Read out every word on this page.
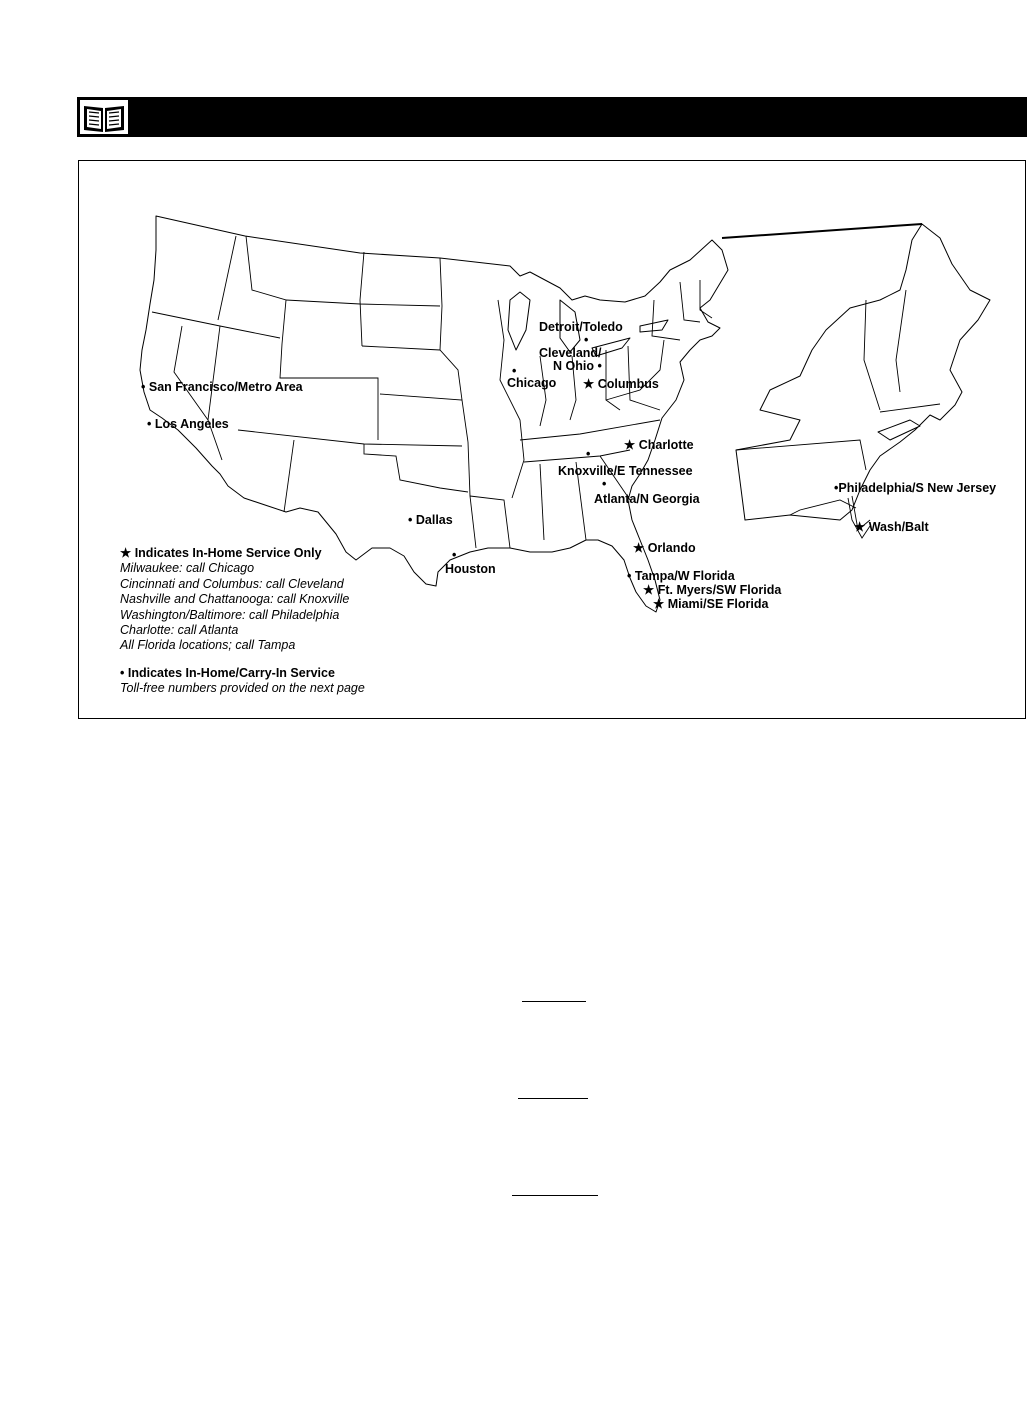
• San Francisco/Metro Area
• Los Angeles
• Dallas
•
Houston
•
Chicago
Detroit/Toledo
•
Cleveland/
N Ohio •
★ Columbus
★ Charlotte
•
Knoxville/E Tennessee
•
Atlanta/N Georgia
★ Orlando
• Tampa/W Florida
★ Ft. Myers/SW Florida
★ Miami/SE Florida
•Philadelphia/S New Jersey
★ Wash/Balt
★ Indicates In-Home Service Only
Milwaukee: call Chicago
Cincinnati and Columbus: call Cleveland
Nashville and Chattanooga: call Knoxville
Washington/Baltimore: call Philadelphia
Charlotte: call Atlanta
All Florida locations; call Tampa
• Indicates In-Home/Carry-In Service
Toll-free numbers provided on the next page
